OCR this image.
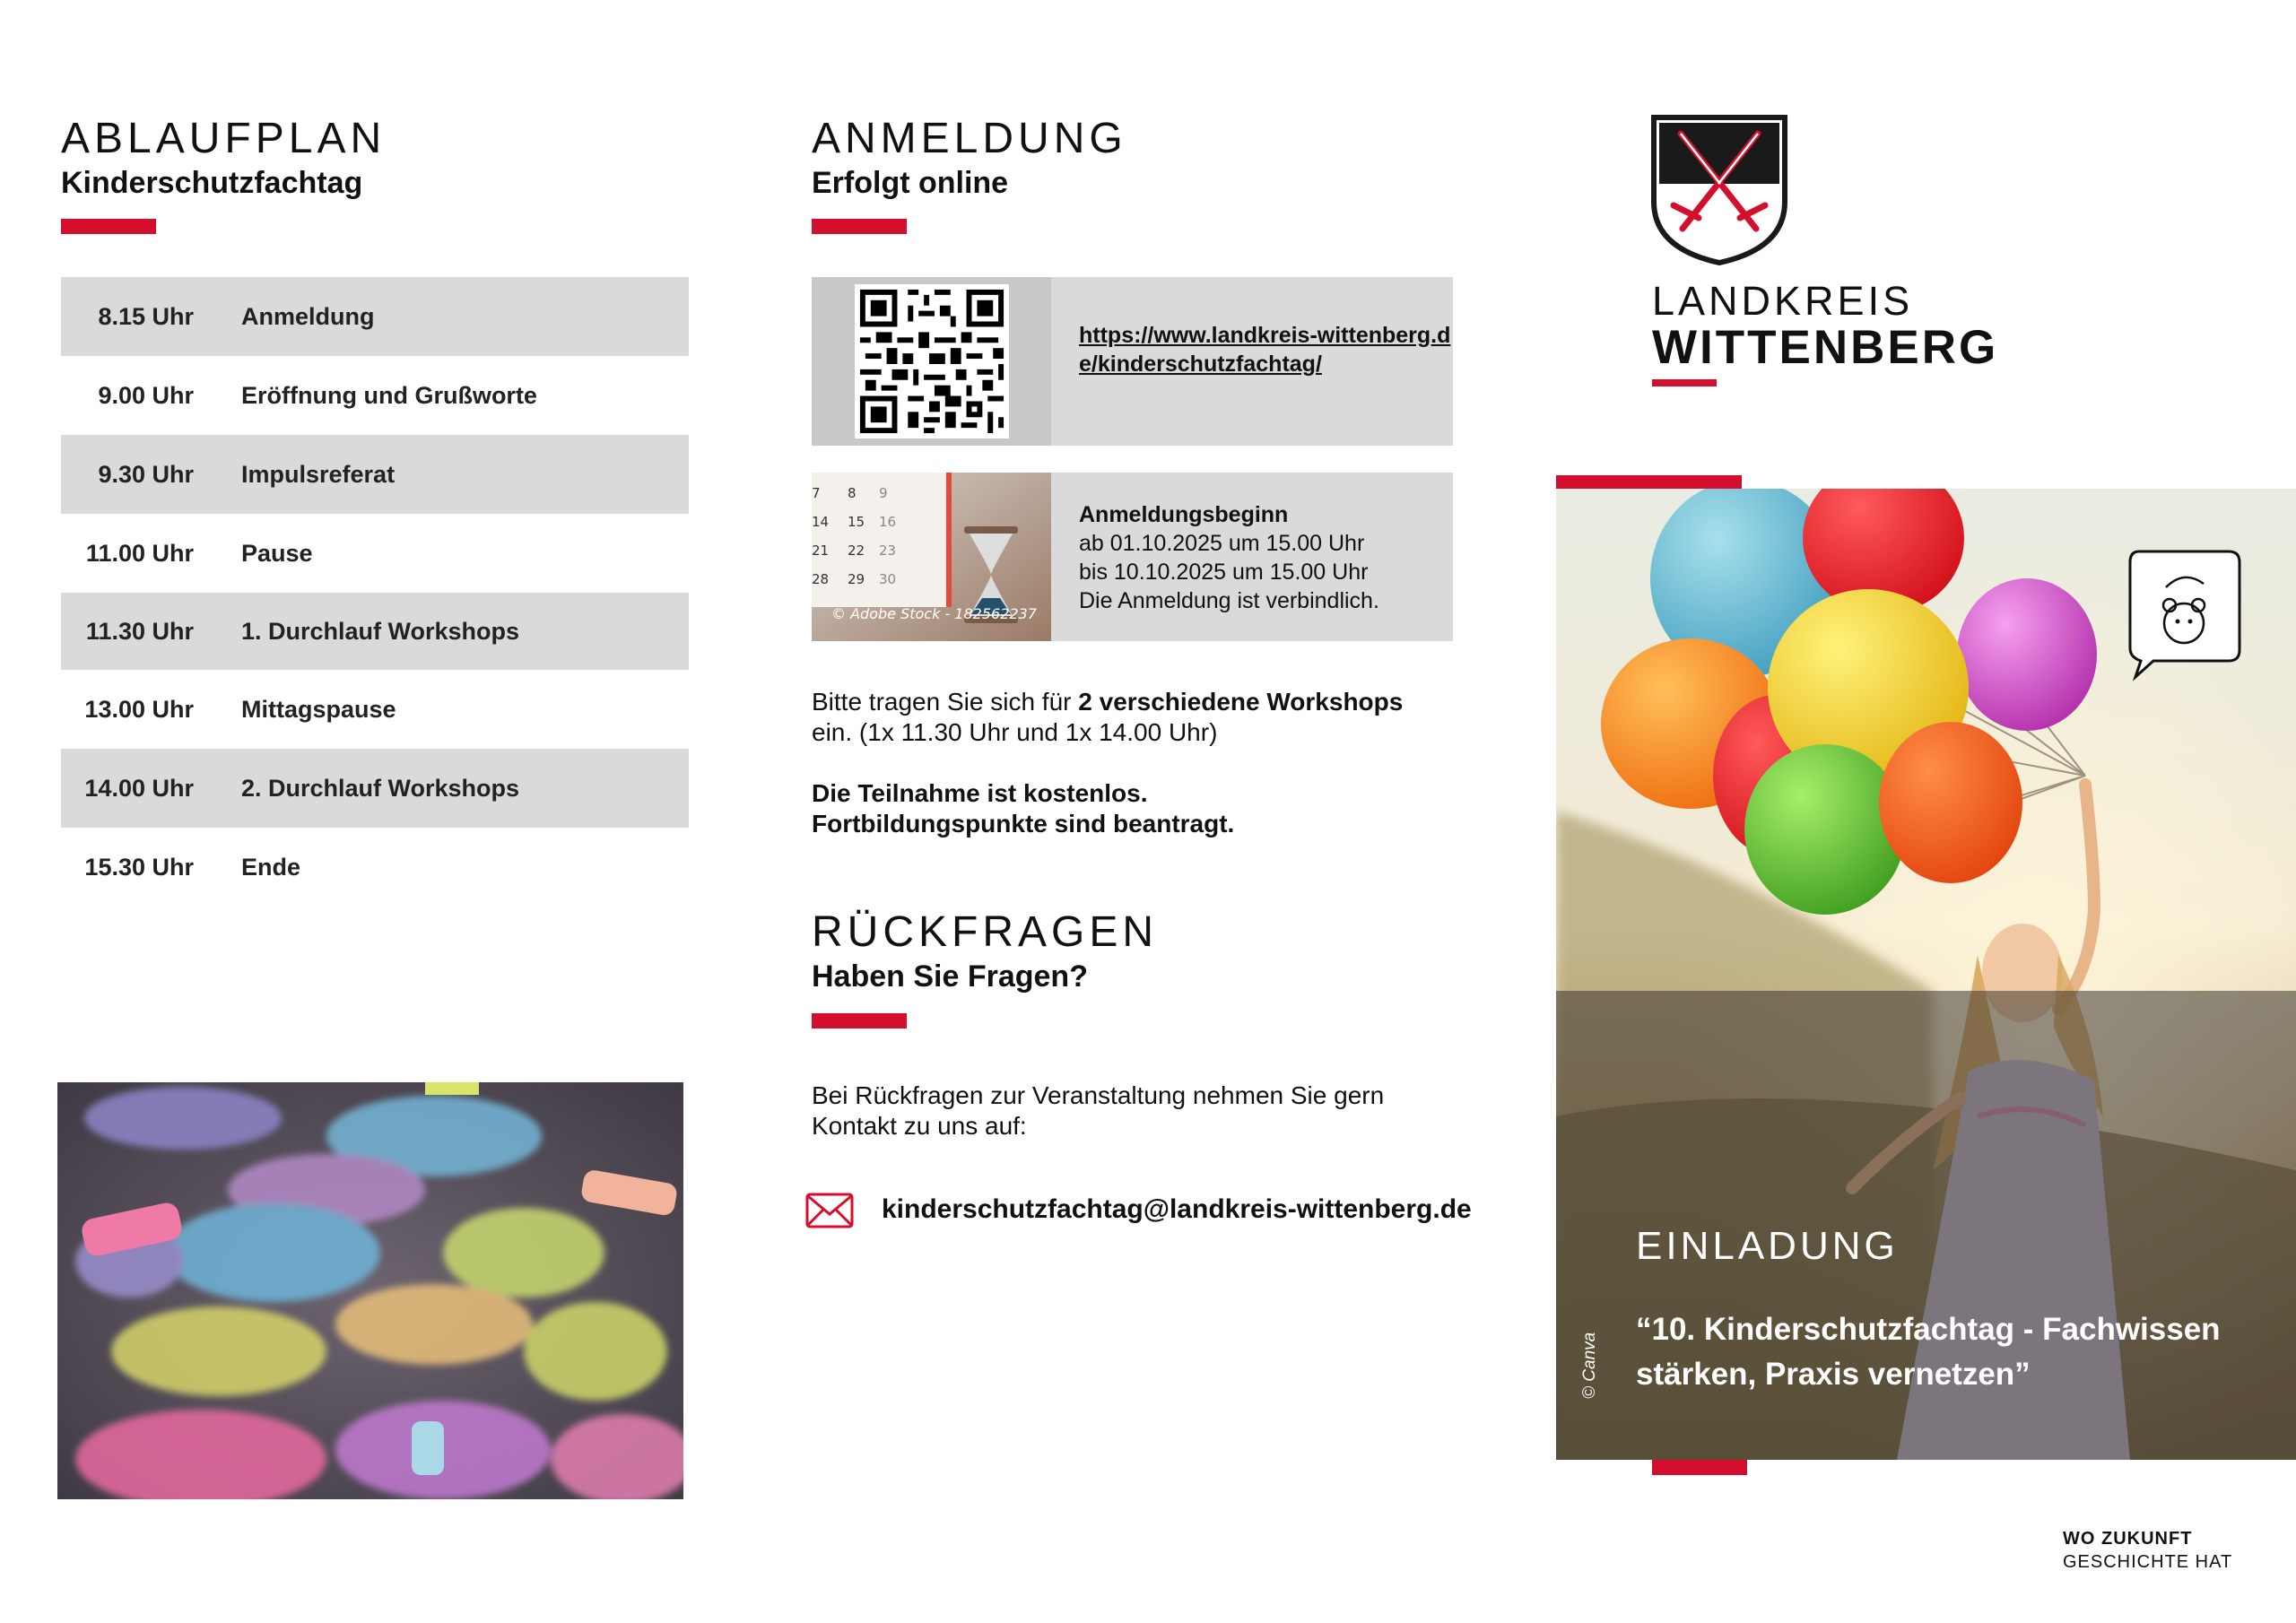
ABLAUFPLAN
Kinderschutzfachtag
8.15 Uhr Anmeldung
9.00 Uhr Eröffnung und Grußworte
9.30 Uhr Impulsreferat
11.00 Uhr Pause
11.30 Uhr 1. Durchlauf Workshops
13.00 Uhr Mittagspause
14.00 Uhr 2. Durchlauf Workshops
15.30 Uhr Ende
ANMELDUNG
Erfolgt online
https://www.landkreis-wittenberg.de/kinderschutzfachtag/
7 8 9
14 15 16
21 22 23
28 29 30
© Adobe Stock - 182562237
Anmeldungsbeginn
ab 01.10.2025 um 15.00 Uhr
bis 10.10.2025 um 15.00 Uhr
Die Anmeldung ist verbindlich.
Bitte tragen Sie sich für 2 verschiedene Workshops
ein. (1x 11.30 Uhr und 1x 14.00 Uhr)
Die Teilnahme ist kostenlos.
Fortbildungspunkte sind beantragt.
RÜCKFRAGEN
Haben Sie Fragen?
Bei Rückfragen zur Veranstaltung nehmen Sie gern
Kontakt zu uns auf:
kinderschutzfachtag@landkreis-wittenberg.de
LANDKREIS
WITTENBERG
EINLADUNG
“10. Kinderschutzfachtag - Fachwissen
stärken, Praxis vernetzen”
© Canva
WO ZUKUNFT
GESCHICHTE HAT
